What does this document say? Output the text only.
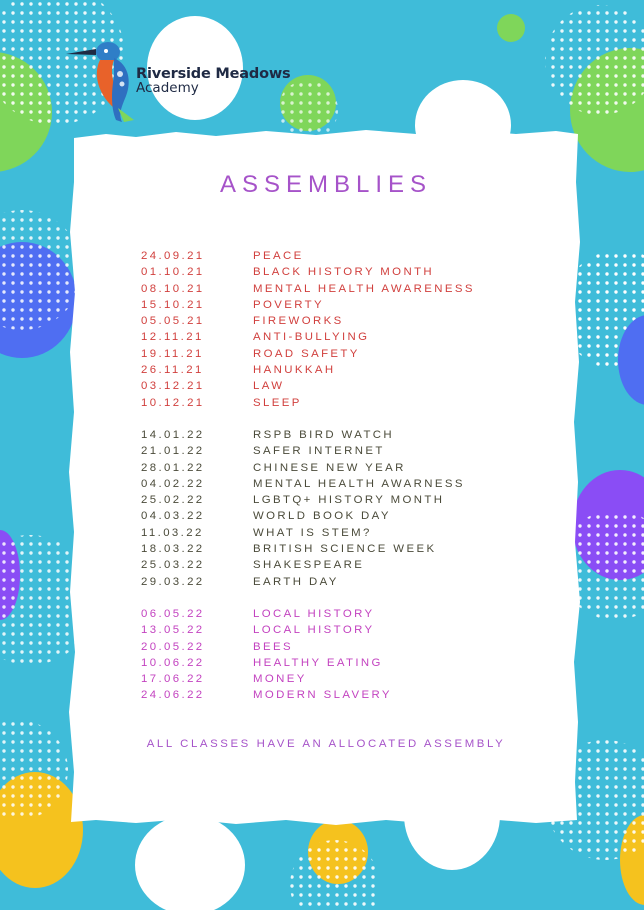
Riverside Meadows
Academy
ASSEMBLIES
24.09.21	PEACE
01.10.21	BLACK HISTORY MONTH
08.10.21	MENTAL HEALTH AWARENESS
15.10.21	POVERTY
05.05.21	FIREWORKS
12.11.21	ANTI-BULLYING
19.11.21	ROAD SAFETY
26.11.21	HANUKKAH
03.12.21	LAW
10.12.21	SLEEP
14.01.22	RSPB BIRD WATCH
21.01.22	SAFER INTERNET
28.01.22	CHINESE NEW YEAR
04.02.22	MENTAL HEALTH AWARNESS
25.02.22	LGBTQ+ HISTORY MONTH
04.03.22	WORLD BOOK DAY
11.03.22	WHAT IS STEM?
18.03.22	BRITISH SCIENCE WEEK
25.03.22	SHAKESPEARE
29.03.22	EARTH DAY
06.05.22	LOCAL HISTORY
13.05.22	LOCAL HISTORY
20.05.22	BEES
10.06.22	HEALTHY EATING
17.06.22	MONEY
24.06.22	MODERN SLAVERY
ALL CLASSES HAVE AN ALLOCATED ASSEMBLY
